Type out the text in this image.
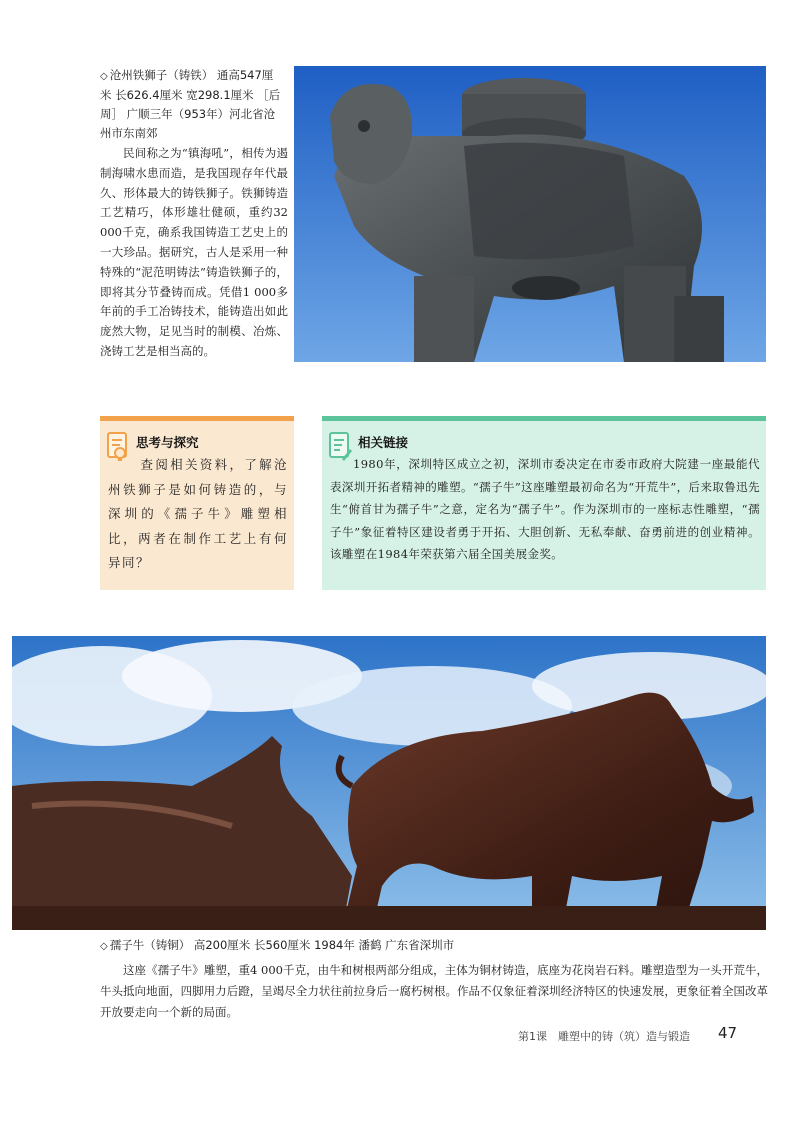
◇ 沧州铁狮子（铸铁） 通高547厘米 长626.4厘米 宽298.1厘米 ［后周］ 广顺三年（953年）河北省沧州市东南郊

民间称之为“镇海吼”，相传为遏制海啸水患而造，是我国现存年代最久、形体最大的铸铁狮子。铁狮铸造工艺精巧，体形雄壮健硕，重约32 000千克，确系我国铸造工艺史上的一大珍品。据研究，古人是采用一种特殊的“泥范明铸法”铸造铁狮子的，即将其分节叠铸而成。凭借1 000多年前的手工冶铸技术，能铸造出如此庞然大物，足见当时的制模、冶炼、浇铸工艺是相当高的。

思考与探究

查阅相关资料，了解沧州铁狮子是如何铸造的，与深圳的《孺子牛》雕塑相比，两者在制作工艺上有何异同？

相关链接

1980年，深圳特区成立之初，深圳市委决定在市委市政府大院建一座最能代表深圳开拓者精神的雕塑。“孺子牛”这座雕塑最初命名为“开荒牛”，后来取鲁迅先生“俯首甘为孺子牛”之意，定名为“孺子牛”。作为深圳市的一座标志性雕塑，“孺子牛”象征着特区建设者勇于开拓、大胆创新、无私奉献、奋勇前进的创业精神。该雕塑在1984年荣获第六届全国美展金奖。

◇ 孺子牛（铸铜） 高200厘米 长560厘米 1984年 潘鹤 广东省深圳市

这座《孺子牛》雕塑，重4 000千克，由牛和树根两部分组成，主体为铜材铸造，底座为花岗岩石料。雕塑造型为一头开荒牛，牛头抵向地面，四脚用力后蹬，呈竭尽全力状往前拉身后一腐朽树根。作品不仅象征着深圳经济特区的快速发展，更象征着全国改革开放要走向一个新的局面。

第1课　雕塑中的铸（筑）造与锻造 47
